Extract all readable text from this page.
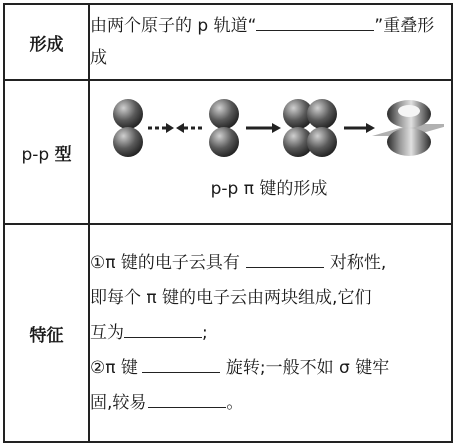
形成	由两个原子的 p 轨道“ ”重叠形成
p-p 型	p-p π 键的形成

特征	①π 键的电子云具有 对称性,
即每个 π 键的电子云由两块组成,它们
互为 ;
②π 键 旋转;一般不如 σ 键牢
固,较易 。
